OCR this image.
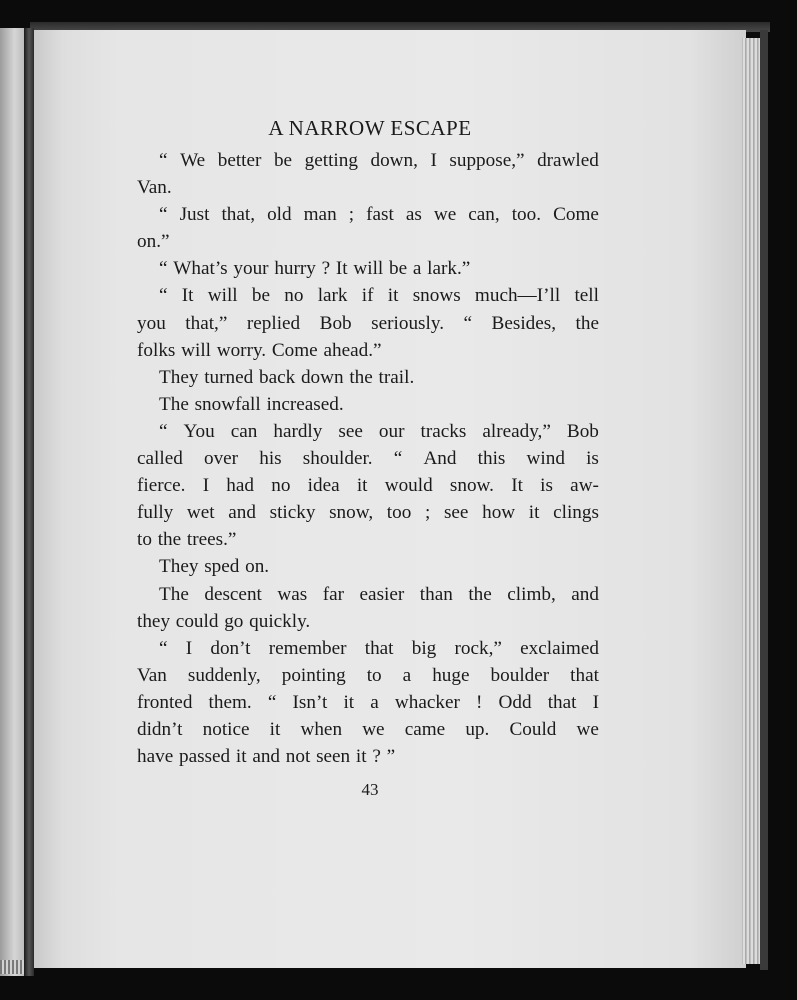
A NARROW ESCAPE
“ We better be getting down, I suppose,” drawled
Van.
“ Just that, old man ; fast as we can, too. Come
on.”
“ What’s your hurry ? It will be a lark.”
“ It will be no lark if it snows much—I’ll tell
you that,” replied Bob seriously. “ Besides, the
folks will worry. Come ahead.”
They turned back down the trail.
The snowfall increased.
“ You can hardly see our tracks already,” Bob
called over his shoulder. “ And this wind is
fierce. I had no idea it would snow. It is aw-
fully wet and sticky snow, too ; see how it clings
to the trees.”
They sped on.
The descent was far easier than the climb, and
they could go quickly.
“ I don’t remember that big rock,” exclaimed
Van suddenly, pointing to a huge boulder that
fronted them. “ Isn’t it a whacker ! Odd that I
didn’t notice it when we came up. Could we
have passed it and not seen it ? ”
43
